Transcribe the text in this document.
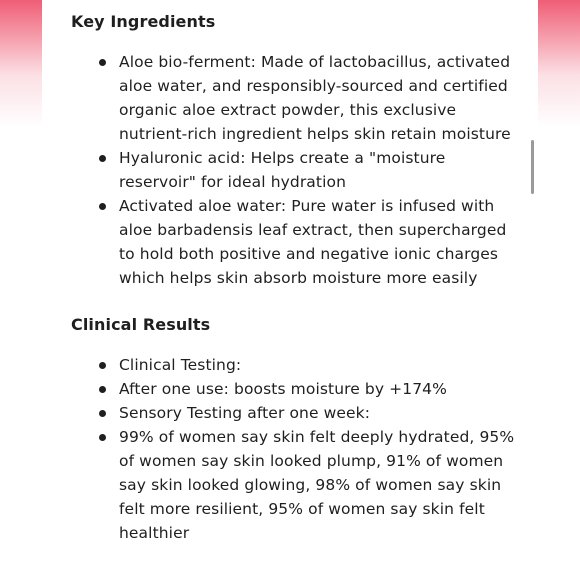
Key Ingredients
Aloe bio-ferment: Made of lactobacillus, activated aloe water, and responsibly-sourced and certified organic aloe extract powder, this exclusive nutrient-rich ingredient helps skin retain moisture
Hyaluronic acid: Helps create a "moisture reservoir" for ideal hydration
Activated aloe water: Pure water is infused with aloe barbadensis leaf extract, then supercharged to hold both positive and negative ionic charges which helps skin absorb moisture more easily
Clinical Results
Clinical Testing:
After one use: boosts moisture by +174%
Sensory Testing after one week:
99% of women say skin felt deeply hydrated, 95% of women say skin looked plump, 91% of women say skin looked glowing, 98% of women say skin felt more resilient, 95% of women say skin felt healthier
